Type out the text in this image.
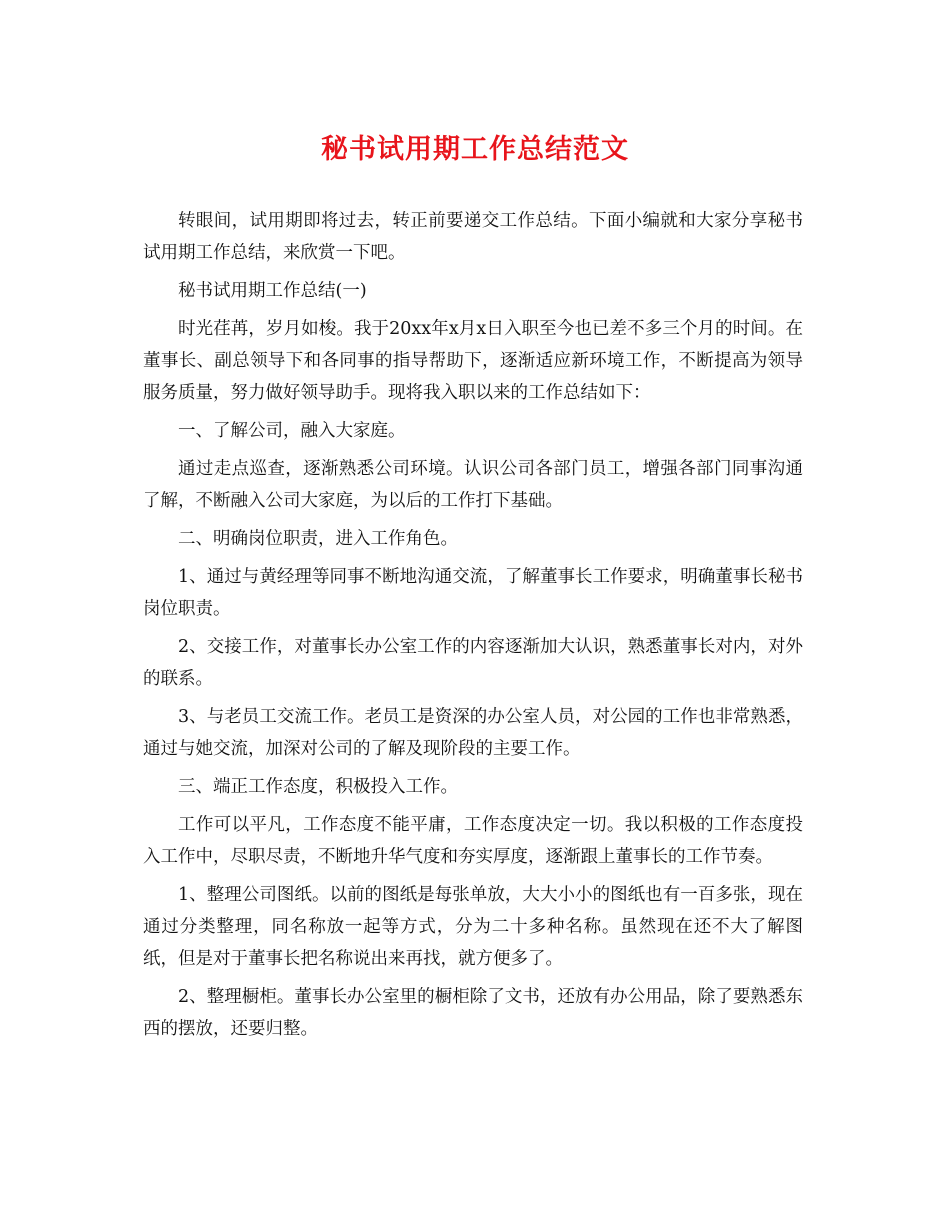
秘书试用期工作总结范文

转眼间，试用期即将过去，转正前要递交工作总结。下面小编就和大家分享秘书试用期工作总结，来欣赏一下吧。

秘书试用期工作总结(一)

时光荏苒，岁月如梭。我于20xx年x月x日入职至今也已差不多三个月的时间。在董事长、副总领导下和各同事的指导帮助下，逐渐适应新环境工作，不断提高为领导服务质量，努力做好领导助手。现将我入职以来的工作总结如下：

一、了解公司，融入大家庭。

通过走点巡查，逐渐熟悉公司环境。认识公司各部门员工，增强各部门同事沟通了解，不断融入公司大家庭，为以后的工作打下基础。

二、明确岗位职责，进入工作角色。

1、通过与黄经理等同事不断地沟通交流，了解董事长工作要求，明确董事长秘书岗位职责。

2、交接工作，对董事长办公室工作的内容逐渐加大认识，熟悉董事长对内，对外的联系。

3、与老员工交流工作。老员工是资深的办公室人员，对公园的工作也非常熟悉，通过与她交流，加深对公司的了解及现阶段的主要工作。

三、端正工作态度，积极投入工作。

工作可以平凡，工作态度不能平庸，工作态度决定一切。我以积极的工作态度投入工作中，尽职尽责，不断地升华气度和夯实厚度，逐渐跟上董事长的工作节奏。

1、整理公司图纸。以前的图纸是每张单放，大大小小的图纸也有一百多张，现在通过分类整理，同名称放一起等方式，分为二十多种名称。虽然现在还不大了解图纸，但是对于董事长把名称说出来再找，就方便多了。

2、整理橱柜。董事长办公室里的橱柜除了文书，还放有办公用品，除了要熟悉东西的摆放，还要归整。
